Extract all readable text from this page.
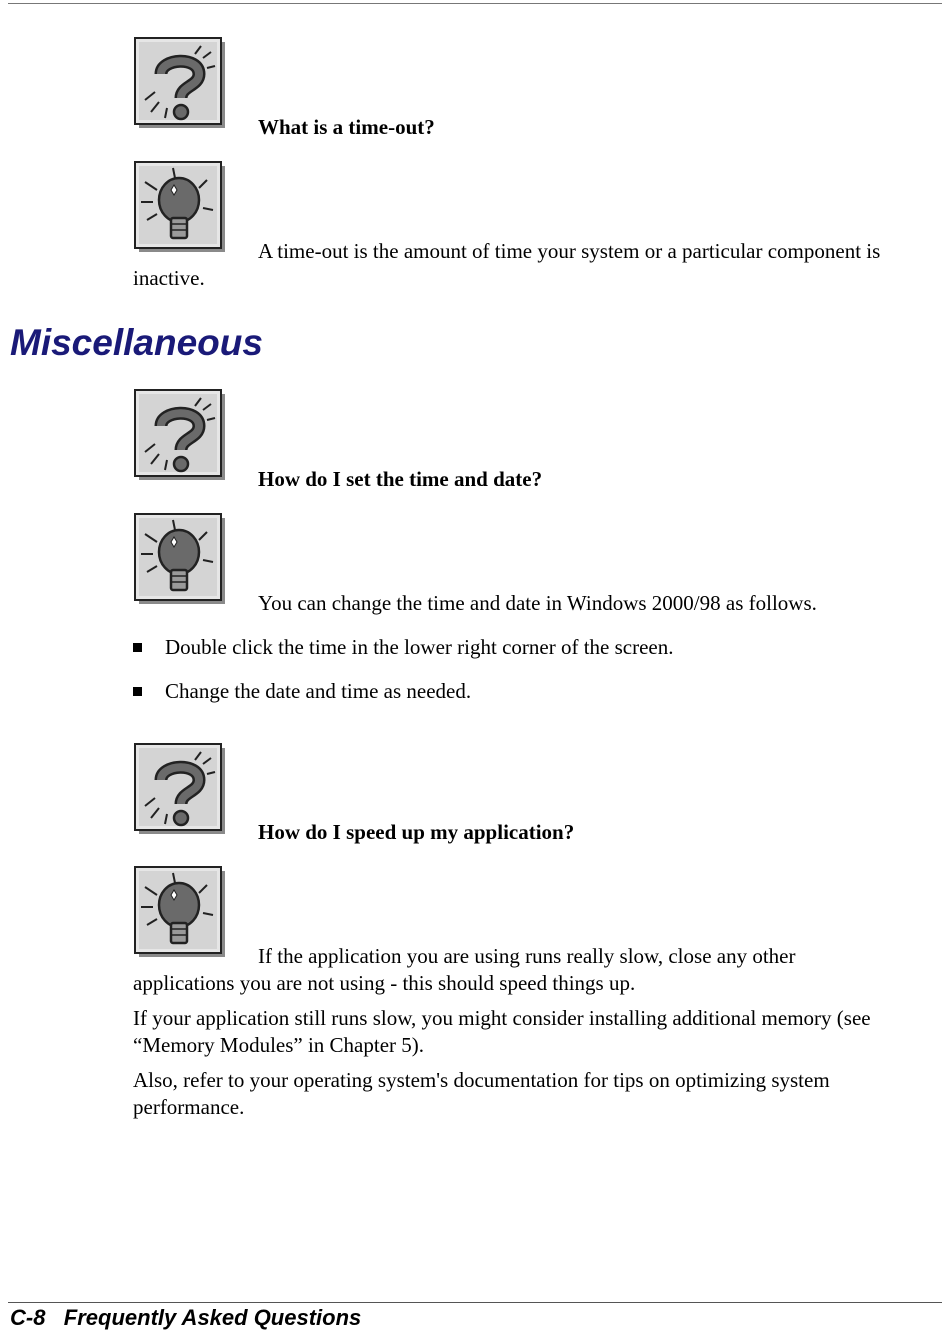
What is a time-out?
A time-out is the amount of time your system or a particular component is
inactive.
Miscellaneous
How do I set the time and date?
You can change the time and date in Windows 2000/98 as follows.
Double click the time in the lower right corner of the screen.
Change the date and time as needed.
How do I speed up my application?
If the application you are using runs really slow, close any other
applications you are not using - this should speed things up.
If your application still runs slow, you might consider installing additional memory (see
“Memory Modules” in Chapter 5).
Also, refer to your operating system's documentation for tips on optimizing system
performance.
C-8 Frequently Asked Questions
